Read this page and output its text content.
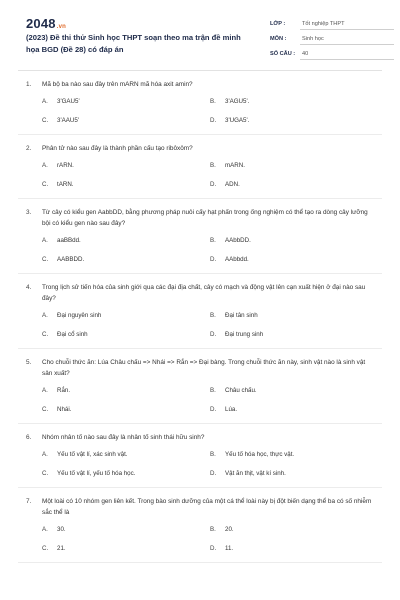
2048.vn
(2023) Đề thi thử Sinh học THPT soạn theo ma trận đề minh họa BGD (Đề 28) có đáp án
LỚP :	Tốt nghiệp THPT
MÔN :	Sinh học
SỐ CÂU :	40
1.	Mã bộ ba nào sau đây trên mARN mã hóa axit amin?
A.	3'GAU5'	B.	3'AGU5'.
C.	3'AAU5'	D.	3'UGA5'.
2.	Phân tử nào sau đây là thành phần cấu tạo ribôxôm?
A.	rARN.	B.	mARN.
C.	tARN.	D.	ADN.
3.	Từ cây có kiểu gen AabbDD, bằng phương pháp nuôi cấy hạt phấn trong ống nghiệm có thể tạo ra dòng cây lưỡng bội có kiểu gen nào sau đây?
A.	aaBBdd.	B.	AAbbDD.
C.	AABBDD.	D.	AAbbdd.
4.	Trong lịch sử tiến hóa của sinh giới qua các đại địa chất, cây có mạch và động vật lên cạn xuất hiện ở đại nào sau đây?
A.	Đại nguyên sinh	B.	Đại tân sinh
C.	Đại cổ sinh	D.	Đại trung sinh
5.	Cho chuỗi thức ăn: Lúa Châu chấu => Nhái => Rắn => Đại bàng. Trong chuỗi thức ăn này, sinh vật nào là sinh vật sản xuất?
A.	Rắn.	B.	Châu chấu.
C.	Nhái.	D.	Lúa.
6.	Nhóm nhân tố nào sau đây là nhân tố sinh thái hữu sinh?
A.	Yếu tố vật lí, xác sinh vật.	B.	Yếu tố hóa học, thực vật.
C.	Yếu tố vật lí, yếu tố hóa học.	D.	Vật ăn thịt, vật kí sinh.
7.	Một loài có 10 nhóm gen liên kết. Trong bào sinh dưỡng của một cá thể loài này bị đột biến dạng thể ba có số nhiễm sắc thể là
A.	30.	B.	20.
C.	21.	D.	11.
